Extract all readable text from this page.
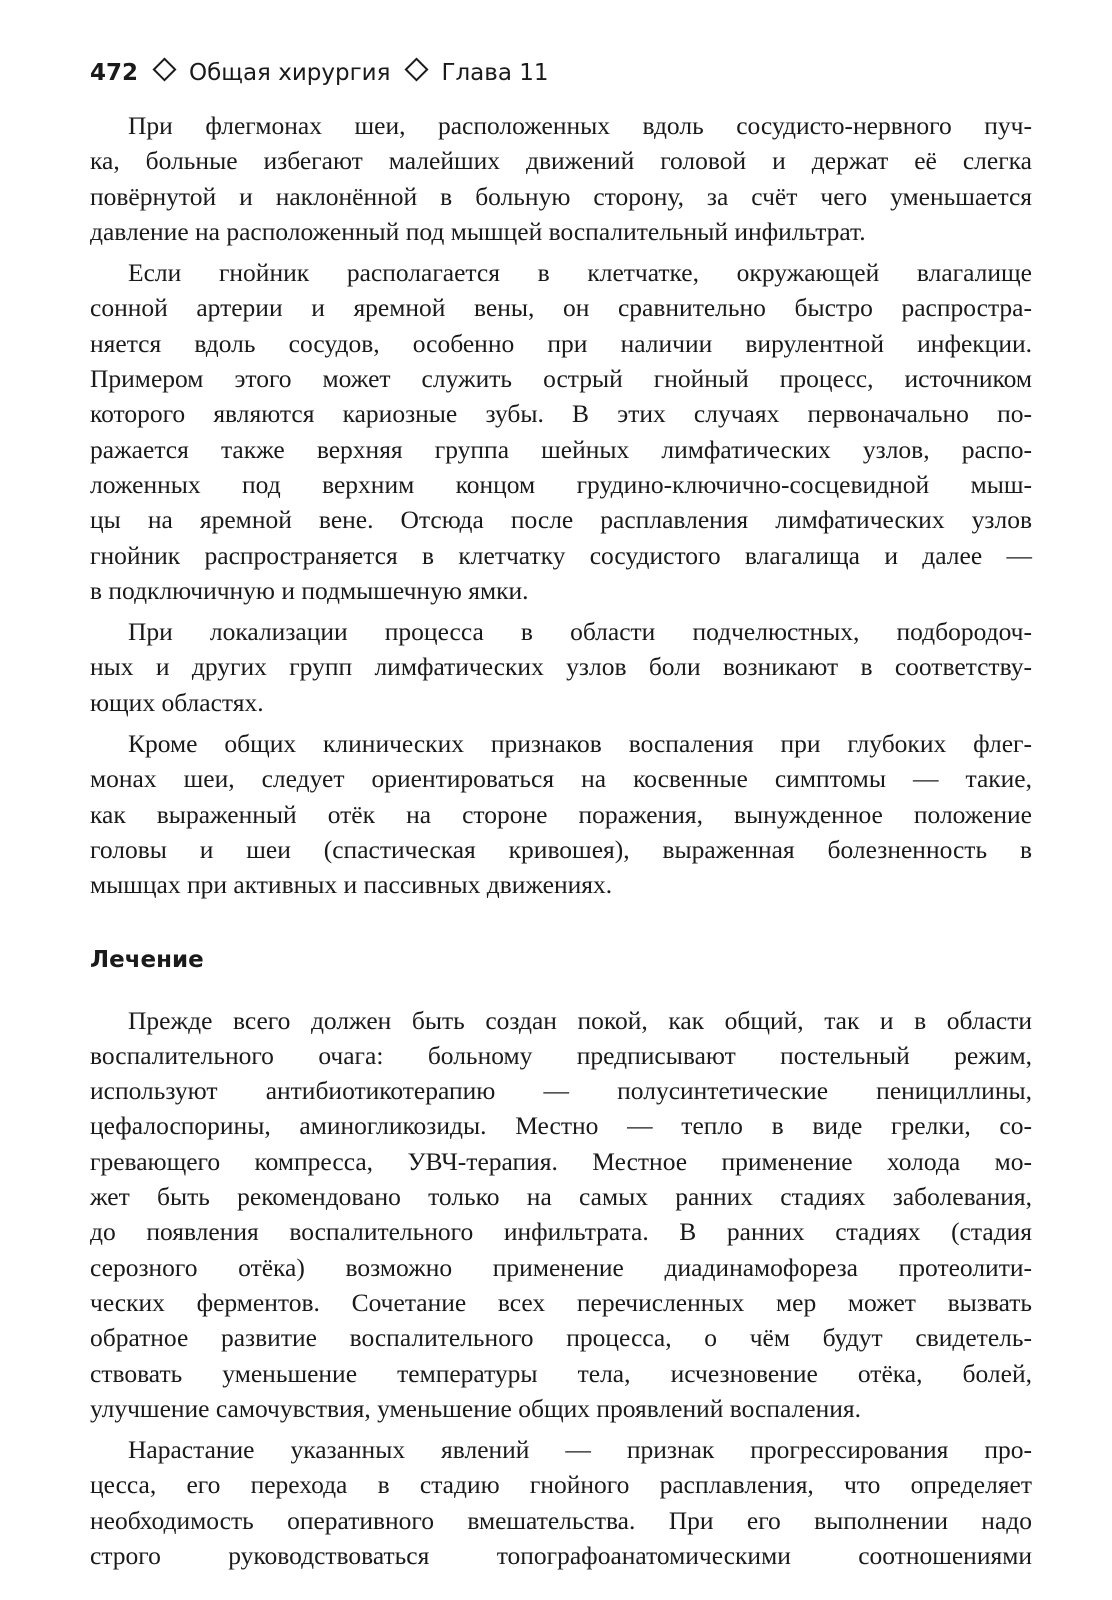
472 Общая хирургия Глава 11
При флегмонах шеи, расположенных вдоль сосудисто-нервного пуч-
ка, больные избегают малейших движений головой и держат её слегка
повёрнутой и наклонённой в больную сторону, за счёт чего уменьшается
давление на расположенный под мышцей воспалительный инфильтрат.
Если гнойник располагается в клетчатке, окружающей влагалище
сонной артерии и яремной вены, он сравнительно быстро распростра-
няется вдоль сосудов, особенно при наличии вирулентной инфекции.
Примером этого может служить острый гнойный процесс, источником
которого являются кариозные зубы. В этих случаях первоначально по-
ражается также верхняя группа шейных лимфатических узлов, распо-
ложенных под верхним концом грудино-ключично-сосцевидной мыш-
цы на яремной вене. Отсюда после расплавления лимфатических узлов
гнойник распространяется в клетчатку сосудистого влагалища и далее —
в подключичную и подмышечную ямки.
При локализации процесса в области подчелюстных, подбородоч-
ных и других групп лимфатических узлов боли возникают в соответству-
ющих областях.
Кроме общих клинических признаков воспаления при глубоких флег-
монах шеи, следует ориентироваться на косвенные симптомы — такие,
как выраженный отёк на стороне поражения, вынужденное положение
головы и шеи (спастическая кривошея), выраженная болезненность в
мышцах при активных и пассивных движениях.
Лечение
Прежде всего должен быть создан покой, как общий, так и в области
воспалительного очага: больному предписывают постельный режим,
используют антибиотикотерапию — полусинтетические пенициллины,
цефалоспорины, аминогликозиды. Местно — тепло в виде грелки, со-
гревающего компресса, УВЧ-терапия. Местное применение холода мо-
жет быть рекомендовано только на самых ранних стадиях заболевания,
до появления воспалительного инфильтрата. В ранних стадиях (стадия
серозного отёка) возможно применение диадинамофореза протеолити-
ческих ферментов. Сочетание всех перечисленных мер может вызвать
обратное развитие воспалительного процесса, о чём будут свидетель-
ствовать уменьшение температуры тела, исчезновение отёка, болей,
улучшение самочувствия, уменьшение общих проявлений воспаления.
Нарастание указанных явлений — признак прогрессирования про-
цесса, его перехода в стадию гнойного расплавления, что определяет
необходимость оперативного вмешательства. При его выполнении надо
строго руководствоваться топографоанатомическими соотношениями
